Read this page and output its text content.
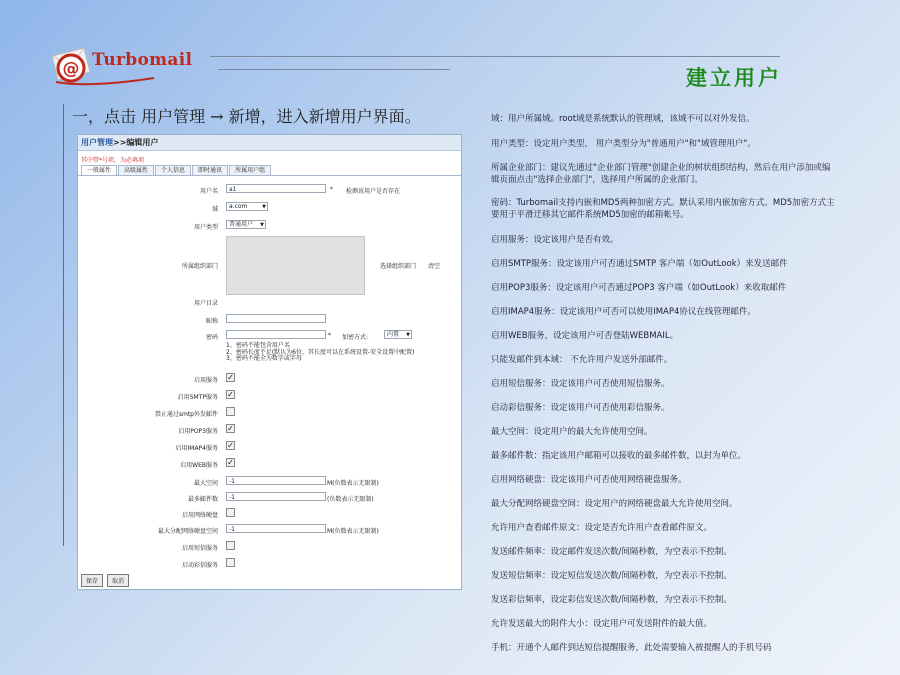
@ Turbomail
建立用户
一，点击 用户管理 → 新增，进入新增用户界面。
用户管理>>编辑用户
其中带*号项，为必填项
一般属性	高级属性	个人信息	即时通讯	所属用户组
用户名	a1	* 检测该用户是否存在
域	a.com	▼
用户类型	普通用户 ▼
所属组织部门	选择组织部门 清空
用户目录
昵称
密码	* 加密方式:	内置 ▼
1、密码不能包含用户名
2、密码长度不足(默认为6位，其长度可以在系统设置-安全设置中配置)
3、密码不能全为数字或字母
启用服务 ✓
启用SMTP服务 ✓
禁止通过smtp外发邮件
启用POP3服务 ✓
启用IMAP4服务 ✓
启用WEB服务 ✓
最大空间	-1	M(负数表示无限制)
最多邮件数	-1	(负数表示无限制)
启用网络硬盘
最大分配网络硬盘空间	-1	M(负数表示无限制)
启用短信服务
启动彩信服务
保存 取消
域：用户所属域。root域是系统默认的管理域，该域不可以对外发信。
用户类型：设定用户类型， 用户类型分为"普通用户"和"域管理用户"。
所属企业部门：建议先通过"企业部门管理"创建企业的树状组织结构，然后在用户添加或编辑页面点击"选择企业部门"，选择用户所属的企业部门。
密码：Turbomail支持内嵌和MD5两种加密方式。默认采用内嵌加密方式。MD5加密方式主要用于平滑迁移其它邮件系统MD5加密的邮箱帐号。
启用服务：设定该用户是否有效。
启用SMTP服务：设定该用户可否通过SMTP 客户端（如OutLook）来发送邮件
启用POP3服务：设定该用户可否通过POP3 客户端（如OutLook）来收取邮件
启用IMAP4服务：设定该用户可否可以使用IMAP4协议在线管理邮件。
启用WEB服务，设定该用户可否登陆WEBMAIL。
只能发邮件到本域： 不允许用户发送外部邮件。
启用短信服务：设定该用户可否使用短信服务。
启动彩信服务：设定该用户可否使用彩信服务。
最大空间：设定用户的最大允许使用空间。
最多邮件数：指定该用户邮箱可以接收的最多邮件数，以封为单位。
启用网络硬盘：设定该用户可否使用网络硬盘服务。
最大分配网络硬盘空间：设定用户的网络硬盘最大允许使用空间。
允许用户查看邮件原文：设定是否允许用户查看邮件原文。
发送邮件频率：设定邮件发送次数/间隔秒数，为空表示不控制。
发送短信频率：设定短信发送次数/间隔秒数，为空表示不控制。
发送彩信频率，设定彩信发送次数/间隔秒数，为空表示不控制。
允许发送最大的附件大小：设定用户可发送附件的最大值。
手机：开通个人邮件到达短信提醒服务，此处需要输入被提醒人的手机号码
